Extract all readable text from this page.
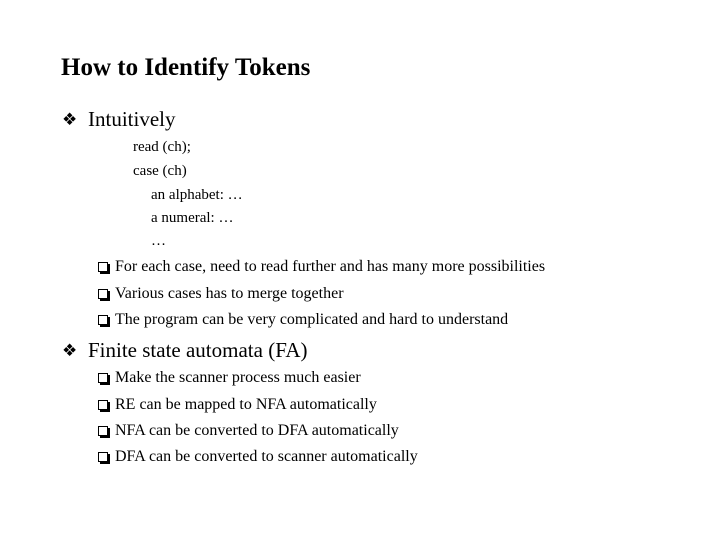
How to Identify Tokens
❖ Intuitively
read (ch);
case (ch)
an alphabet: …
a numeral: …
…
For each case, need to read further and has many more possibilities
Various cases has to merge together
The program can be very complicated and hard to understand
❖ Finite state automata (FA)
Make the scanner process much easier
RE can be mapped to NFA automatically
NFA can be converted to DFA automatically
DFA can be converted to scanner automatically
